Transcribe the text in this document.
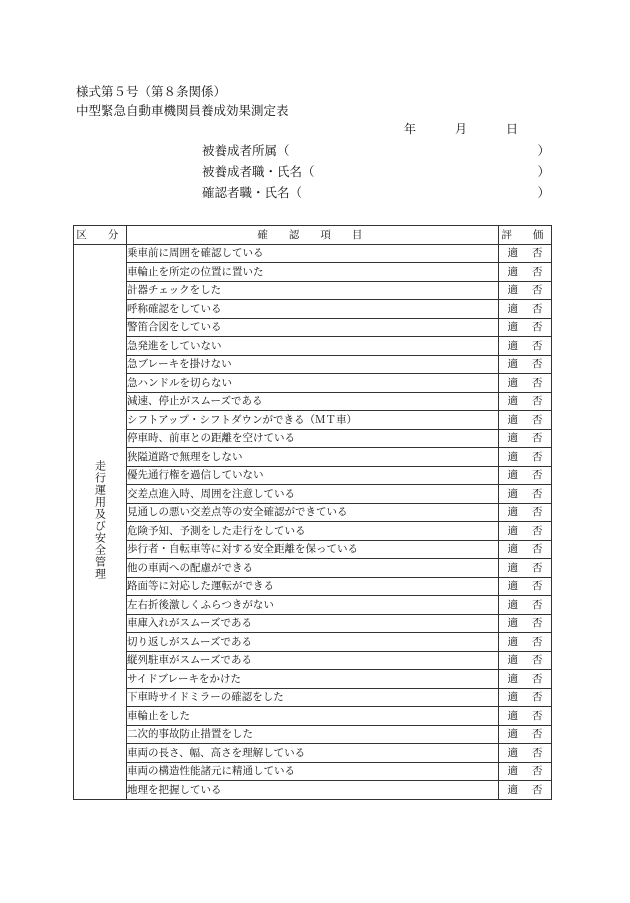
様式第５号（第８条関係）
中型緊急自動車機関員養成効果測定表
年	月	日
被養成者所属（	）
被養成者職・氏名（	）
確認者職・氏名（	）
区　分	確　認　項　目	評　価
走行運用及び安全管理	乗車前に周囲を確認している	適 否
	車輪止を所定の位置に置いた	適 否
	計器チェックをした	適 否
	呼称確認をしている	適 否
	警笛合図をしている	適 否
	急発進をしていない	適 否
	急ブレーキを掛けない	適 否
	急ハンドルを切らない	適 否
	減速、停止がスムーズである	適 否
	シフトアップ・シフトダウンができる（ＭＴ車）	適 否
	停車時、前車との距離を空けている	適 否
	狭隘道路で無理をしない	適 否
	優先通行権を過信していない	適 否
	交差点進入時、周囲を注意している	適 否
	見通しの悪い交差点等の安全確認ができている	適 否
	危険予知、予測をした走行をしている	適 否
	歩行者・自転車等に対する安全距離を保っている	適 否
	他の車両への配慮ができる	適 否
	路面等に対応した運転ができる	適 否
	左右折後激しくふらつきがない	適 否
	車庫入れがスムーズである	適 否
	切り返しがスムーズである	適 否
	縦列駐車がスムーズである	適 否
	サイドブレーキをかけた	適 否
	下車時サイドミラーの確認をした	適 否
	車輪止をした	適 否
	二次的事故防止措置をした	適 否
	車両の長さ、幅、高さを理解している	適 否
	車両の構造性能諸元に精通している	適 否
	地理を把握している	適 否
